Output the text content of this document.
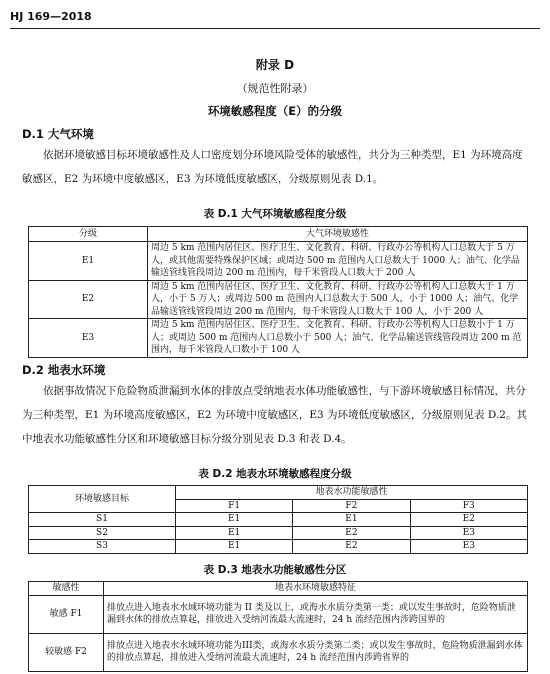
HJ 169—2018
附录 D
（规范性附录）
环境敏感程度（E）的分级
D.1 大气环境

依据环境敏感目标环境敏感性及人口密度划分环境风险受体的敏感性，共分为三种类型，E1 为环境高度敏感区，E2 为环境中度敏感区，E3 为环境低度敏感区，分级原则见表 D.1。

表 D.1 大气环境敏感程度分级
分级	大气环境敏感性
E1	周边 5 km 范围内居住区、医疗卫生、文化教育、科研、行政办公等机构人口总数大于 5 万人，或其他需要特殊保护区域；或周边 500 m 范围内人口总数大于 1000 人；油气、化学品输送管线管段周边 200 m 范围内，每千米管段人口数大于 200 人
E2	周边 5 km 范围内居住区、医疗卫生、文化教育、科研、行政办公等机构人口总数大于 1 万人，小于 5 万人；或周边 500 m 范围内人口总数大于 500 人，小于 1000 人；油气、化学品输送管线管段周边 200 m 范围内，每千米管段人口数大于 100 人，小于 200 人
E3	周边 5 km 范围内居住区、医疗卫生、文化教育、科研、行政办公等机构人口总数小于 1 万人；或周边 500 m 范围内人口总数小于 500 人；油气、化学品输送管线管段周边 200 m 范围内，每千米管段人口数小于 100 人
D.2 地表水环境

依据事故情况下危险物质泄漏到水体的排放点受纳地表水体功能敏感性，与下游环境敏感目标情况，共分为三种类型，E1 为环境高度敏感区，E2 为环境中度敏感区，E3 为环境低度敏感区，分级原则见表 D.2。其中地表水功能敏感性分区和环境敏感目标分级分别见表 D.3 和表 D.4。

表 D.2 地表水环境敏感程度分级
环境敏感目标	地表水功能敏感性		
	F1	F2	F3
S1	E1	E1	E2
S2	E1	E2	E3
S3	E1	E2	E3
表 D.3 地表水功能敏感性分区
敏感性	地表水环境敏感特征
敏感 F1	排放点进入地表水水域环境功能为 II 类及以上，或海水水质分类第一类；或以发生事故时，危险物质泄漏到水体的排放点算起，排放进入受纳河流最大流速时，24 h 流经范围内涉跨国界的
较敏感 F2	排放点进入地表水水域环境功能为III类，或海水水质分类第二类；或以发生事故时，危险物质泄漏到水体的排放点算起，排放进入受纳河流最大流速时，24 h 流经范围内涉跨省界的
